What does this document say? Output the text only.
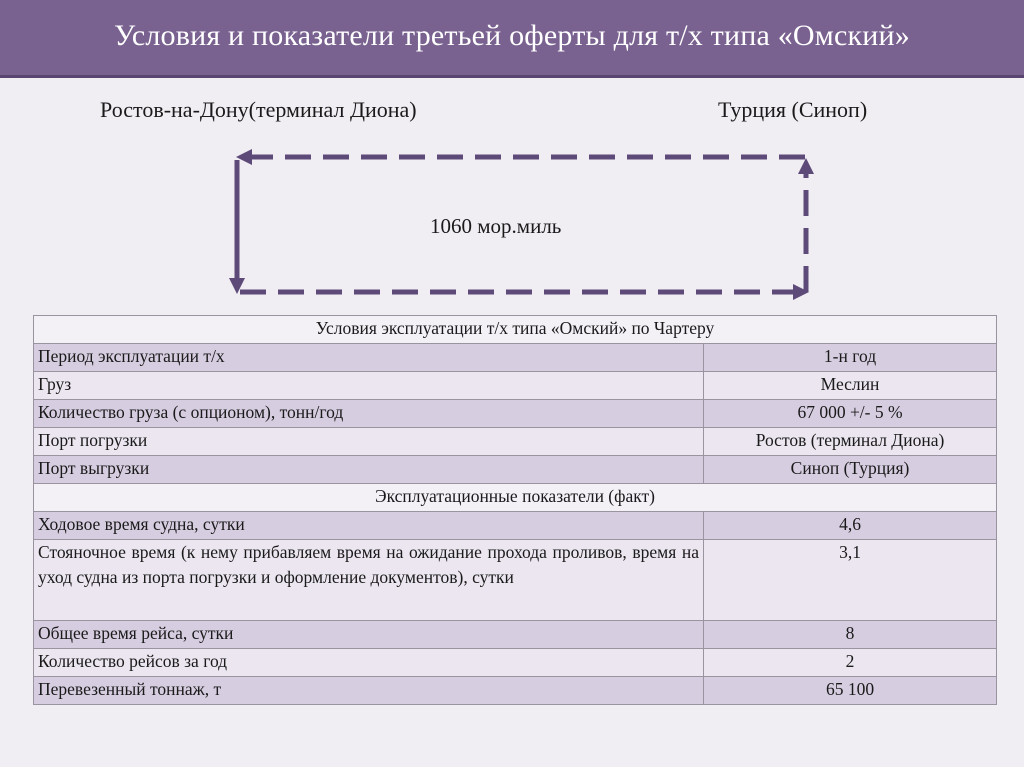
Условия и показатели третьей оферты для т/х типа «Омский»
Ростов-на-Дону(терминал Диона)	Турция (Синоп)
1060 мор.миль
Условия эксплуатации т/х типа «Омский» по Чартеру	
Период эксплуатации т/х	1-н год
Груз	Меслин
Количество груза (с опционом), тонн/год	67 000 +/- 5 %
Порт погрузки	Ростов (терминал Диона)
Порт выгрузки	Синоп (Турция)
Эксплуатационные показатели (факт)	
Ходовое время судна, сутки	4,6
Стояночное время (к нему прибавляем время на ожидание прохода проливов, время на уход судна из порта погрузки и оформление документов), сутки	3,1
Общее время рейса, сутки	8
Количество рейсов за год	2
Перевезенный тоннаж, т	65 100
